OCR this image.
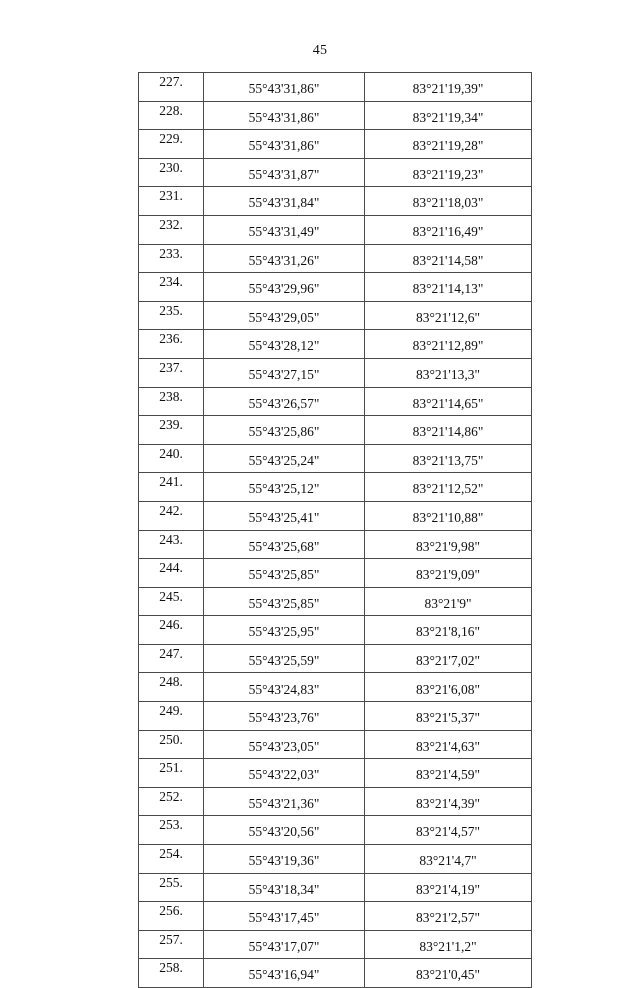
45
227.	55°43'31,86"	83°21'19,39"
228.	55°43'31,86"	83°21'19,34"
229.	55°43'31,86"	83°21'19,28"
230.	55°43'31,87"	83°21'19,23"
231.	55°43'31,84"	83°21'18,03"
232.	55°43'31,49"	83°21'16,49"
233.	55°43'31,26"	83°21'14,58"
234.	55°43'29,96"	83°21'14,13"
235.	55°43'29,05"	83°21'12,6"
236.	55°43'28,12"	83°21'12,89"
237.	55°43'27,15"	83°21'13,3"
238.	55°43'26,57"	83°21'14,65"
239.	55°43'25,86"	83°21'14,86"
240.	55°43'25,24"	83°21'13,75"
241.	55°43'25,12"	83°21'12,52"
242.	55°43'25,41"	83°21'10,88"
243.	55°43'25,68"	83°21'9,98"
244.	55°43'25,85"	83°21'9,09"
245.	55°43'25,85"	83°21'9"
246.	55°43'25,95"	83°21'8,16"
247.	55°43'25,59"	83°21'7,02"
248.	55°43'24,83"	83°21'6,08"
249.	55°43'23,76"	83°21'5,37"
250.	55°43'23,05"	83°21'4,63"
251.	55°43'22,03"	83°21'4,59"
252.	55°43'21,36"	83°21'4,39"
253.	55°43'20,56"	83°21'4,57"
254.	55°43'19,36"	83°21'4,7"
255.	55°43'18,34"	83°21'4,19"
256.	55°43'17,45"	83°21'2,57"
257.	55°43'17,07"	83°21'1,2"
258.	55°43'16,94"	83°21'0,45"
